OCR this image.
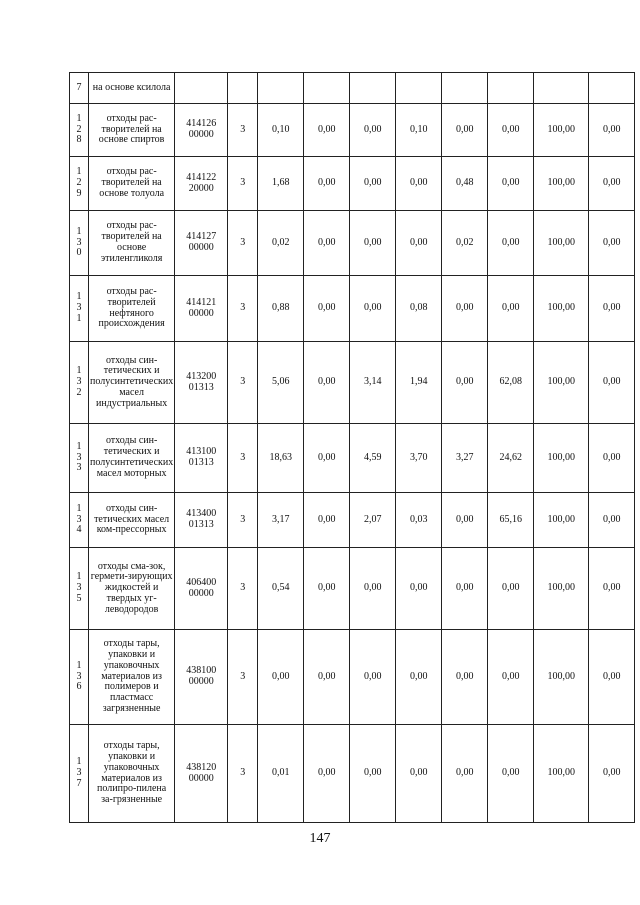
7	на основе ксилола										
128	отходы рас-творителей на основе спиртов	414126 00000	3	0,10	0,00	0,00	0,10	0,00	0,00	100,00	0,00
129	отходы рас-творителей на основе толуола	414122 20000	3	1,68	0,00	0,00	0,00	0,48	0,00	100,00	0,00
130	отходы рас-творителей на основе этиленгликоля	414127 00000	3	0,02	0,00	0,00	0,00	0,02	0,00	100,00	0,00
131	отходы рас-творителей нефтяного происхождения	414121 00000	3	0,88	0,00	0,00	0,08	0,00	0,00	100,00	0,00
132	отходы син-тетических и полусинтетических масел индустриальных	413200 01313	3	5,06	0,00	3,14	1,94	0,00	62,08	100,00	0,00
133	отходы син-тетических и полусинтетических масел моторных	413100 01313	3	18,63	0,00	4,59	3,70	3,27	24,62	100,00	0,00
134	отходы син-тетических масел ком-прессорных	413400 01313	3	3,17	0,00	2,07	0,03	0,00	65,16	100,00	0,00
135	отходы сма-зок, гермети-зирующих жидкостей и твердых уг-леводородов	406400 00000	3	0,54	0,00	0,00	0,00	0,00	0,00	100,00	0,00
136	отходы тары, упаковки и упаковочных материалов из полимеров и пластмасс загрязненные	438100 00000	3	0,00	0,00	0,00	0,00	0,00	0,00	100,00	0,00
137	отходы тары, упаковки и упаковочных материалов из полипро-пилена за-грязненные	438120 00000	3	0,01	0,00	0,00	0,00	0,00	0,00	100,00	0,00
147
